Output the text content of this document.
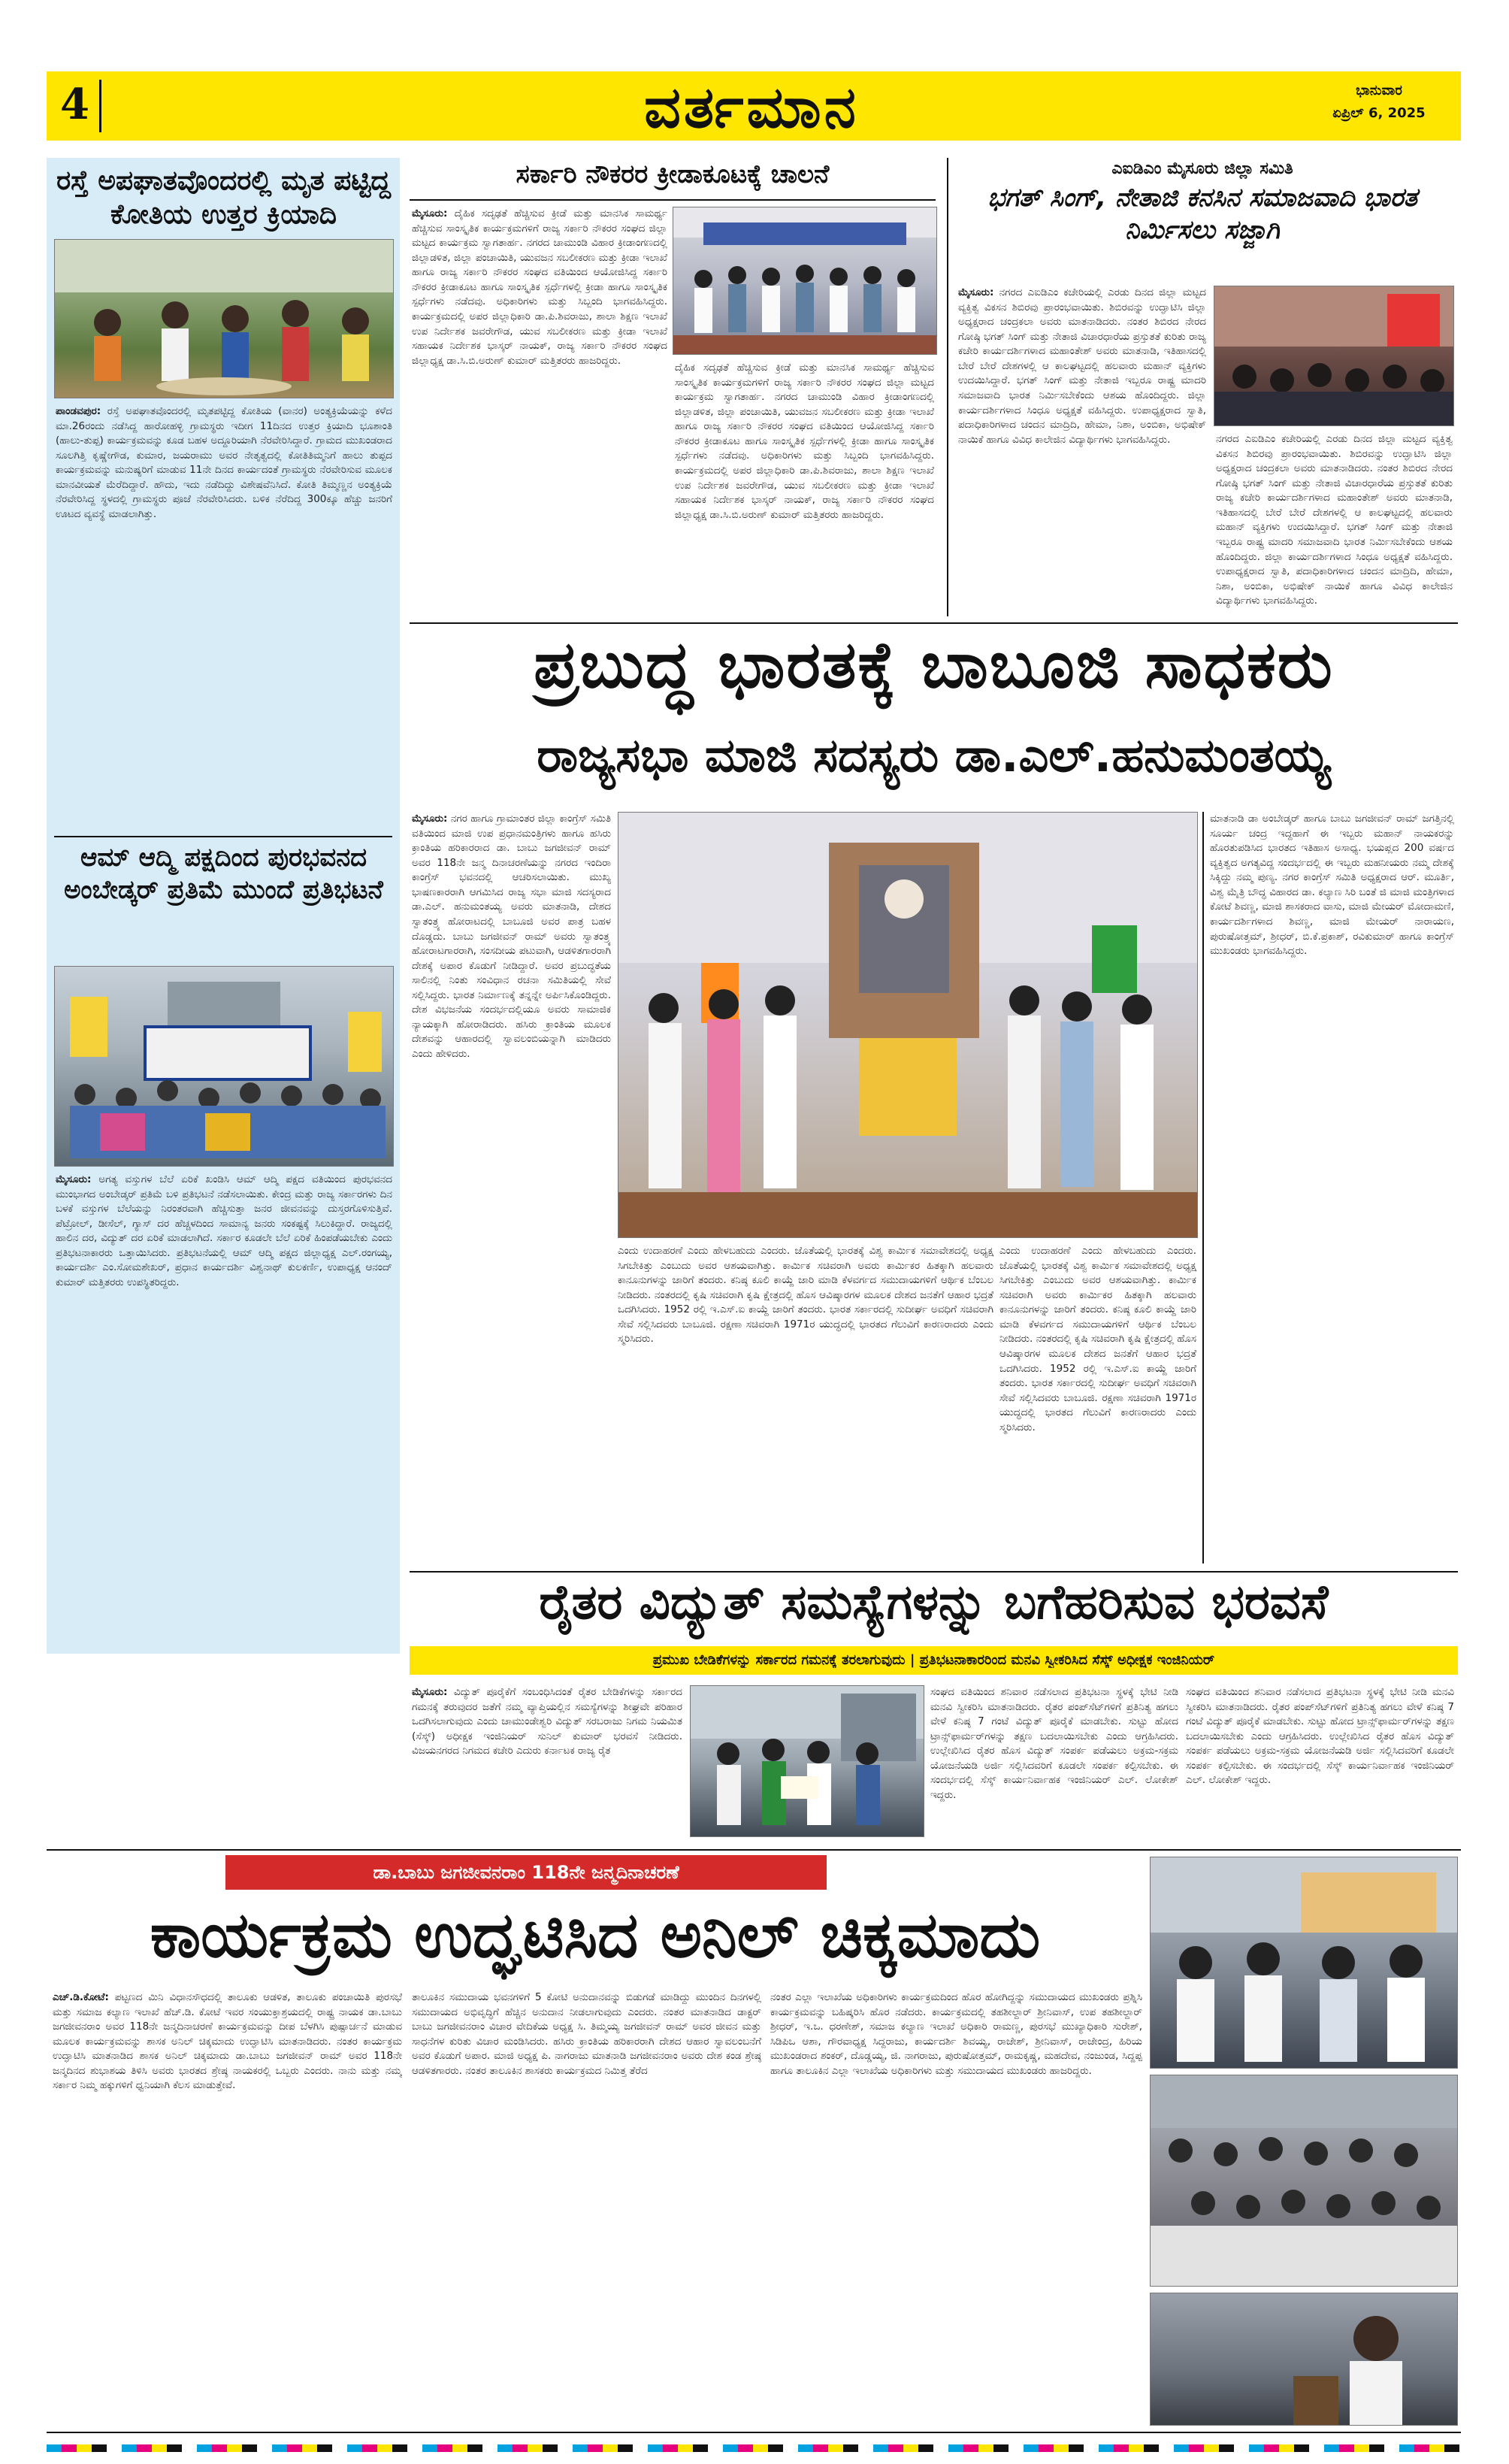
4	ವರ್ತಮಾನ	ಭಾನುವಾರ
ಏಪ್ರಿಲ್ 6, 2025
ರಸ್ತೆ ಅಪಘಾತವೊಂದರಲ್ಲಿ ಮೃತ ಪಟ್ಟಿದ್ದ ಕೋತಿಯ ಉತ್ತರ ಕ್ರಿಯಾದಿ
ಪಾಂಡವಪುರ: ರಸ್ತೆ ಅಪಘಾತವೊಂದರಲ್ಲಿ ಮೃತಪಟ್ಟಿದ್ದ ಕೋತಿಯ (ವಾನರ) ಅಂತ್ಯಕ್ರಿಯೆಯನ್ನು ಕಳೆದ ಮಾ.26ರಂದು ನಡೆಸಿದ್ದ ಹಾರೋಹಳ್ಳಿ ಗ್ರಾಮಸ್ಥರು ಇದೀಗ 11ದಿನದ ಉತ್ತರ ಕ್ರಿಯಾದಿ ಭೂಶಾಂತಿ (ಹಾಲು-ತುಪ್ಪ) ಕಾರ್ಯಕ್ರಮವನ್ನು ಕೂಡ ಬಹಳ ಅದ್ದೂರಿಯಾಗಿ ನೆರವೇರಿಸಿದ್ದಾರೆ. ಗ್ರಾಮದ ಮುಖಂಡರಾದ ಸೂಲಗಿತ್ತಿ ಕೃಷ್ಣೇಗೌಡ, ಕುಮಾರ, ಜಯರಾಮು ಅವರ ನೇತೃತ್ವದಲ್ಲಿ ಕೋತಿತಿಮ್ಮನಿಗೆ ಹಾಲು ತುಪ್ಪದ ಕಾರ್ಯಕ್ರಮವನ್ನು ಮನುಷ್ಯರಿಗೆ ಮಾಡುವ 11ನೇ ದಿನದ ಕಾರ್ಯದಂತೆ ಗ್ರಾಮಸ್ಥರು ನೆರವೇರಿಸುವ ಮೂಲಕ ಮಾನವೀಯತೆ ಮೆರೆದಿದ್ದಾರೆ. ಹೌದು, ಇದು ನಡೆದಿದ್ದು ವಿಶೇಷವೆನಿಸಿದೆ. ಕೋತಿ ತಿಮ್ಮಣ್ಣನ ಅಂತ್ಯಕ್ರಿಯೆ ನೆರವೇರಿಸಿದ್ದ ಸ್ಥಳದಲ್ಲಿ ಗ್ರಾಮಸ್ಥರು ಪೂಜೆ ನೆರವೇರಿಸಿದರು. ಬಳಿಕ ನೆರೆದಿದ್ದ 300ಕ್ಕೂ ಹೆಚ್ಚು ಜನರಿಗೆ ಊಟದ ವ್ಯವಸ್ಥೆ ಮಾಡಲಾಗಿತ್ತು.
ಆಮ್ ಆದ್ಮಿ ಪಕ್ಷದಿಂದ ಪುರಭವನದ ಅಂಬೇಡ್ಕರ್ ಪ್ರತಿಮೆ ಮುಂದೆ ಪ್ರತಿಭಟನೆ
ಮೈಸೂರು: ಅಗತ್ಯ ವಸ್ತುಗಳ ಬೆಲೆ ಏರಿಕೆ ಖಂಡಿಸಿ ಆಮ್ ಆದ್ಮಿ ಪಕ್ಷದ ವತಿಯಿಂದ ಪುರಭವನದ ಮುಂಭಾಗದ ಅಂಬೇಡ್ಕರ್ ಪ್ರತಿಮೆ ಬಳಿ ಪ್ರತಿಭಟನೆ ನಡೆಸಲಾಯಿತು. ಕೇಂದ್ರ ಮತ್ತು ರಾಜ್ಯ ಸರ್ಕಾರಗಳು ದಿನ ಬಳಕೆ ವಸ್ತುಗಳ ಬೆಲೆಯನ್ನು ನಿರಂತರವಾಗಿ ಹೆಚ್ಚಿಸುತ್ತಾ ಜನರ ಜೀವನವನ್ನು ದುಸ್ತರಗೊಳಿಸುತ್ತಿವೆ. ಪೆಟ್ರೋಲ್, ಡೀಸೆಲ್, ಗ್ಯಾಸ್ ದರ ಹೆಚ್ಚಳದಿಂದ ಸಾಮಾನ್ಯ ಜನರು ಸಂಕಷ್ಟಕ್ಕೆ ಸಿಲುಕಿದ್ದಾರೆ. ರಾಜ್ಯದಲ್ಲಿ ಹಾಲಿನ ದರ, ವಿದ್ಯುತ್ ದರ ಏರಿಕೆ ಮಾಡಲಾಗಿದೆ. ಸರ್ಕಾರ ಕೂಡಲೇ ಬೆಲೆ ಏರಿಕೆ ಹಿಂಪಡೆಯಬೇಕು ಎಂದು ಪ್ರತಿಭಟನಾಕಾರರು ಒತ್ತಾಯಿಸಿದರು. ಪ್ರತಿಭಟನೆಯಲ್ಲಿ ಆಮ್ ಆದ್ಮಿ ಪಕ್ಷದ ಜಿಲ್ಲಾಧ್ಯಕ್ಷ ಎಲ್.ರಂಗಯ್ಯ, ಕಾರ್ಯದರ್ಶಿ ಎಂ.ಸೋಮಶೇಖರ್, ಪ್ರಧಾನ ಕಾರ್ಯದರ್ಶಿ ವಿಶ್ವನಾಥ್ ಕುಲಕರ್ಣಿ, ಉಪಾಧ್ಯಕ್ಷ ಆನಂದ್ ಕುಮಾರ್ ಮತ್ತಿತರರು ಉಪಸ್ಥಿತರಿದ್ದರು.
ಸರ್ಕಾರಿ ನೌಕರರ ಕ್ರೀಡಾಕೂಟಕ್ಕೆ ಚಾಲನೆ
ಮೈಸೂರು: ದೈಹಿಕ ಸದೃಢತೆ ಹೆಚ್ಚಿಸುವ ಕ್ರೀಡೆ ಮತ್ತು ಮಾನಸಿಕ ಸಾಮರ್ಥ್ಯ ಹೆಚ್ಚಿಸುವ ಸಾಂಸ್ಕೃತಿಕ ಕಾರ್ಯಕ್ರಮಗಳಿಗೆ ರಾಜ್ಯ ಸರ್ಕಾರಿ ನೌಕರರ ಸಂಘದ ಜಿಲ್ಲಾ ಮಟ್ಟದ ಕಾರ್ಯಕ್ರಮ ಸ್ವಾಗತಾರ್ಹ. ನಗರದ ಚಾಮುಂಡಿ ವಿಹಾರ ಕ್ರೀಡಾಂಗಣದಲ್ಲಿ ಜಿಲ್ಲಾಡಳಿತ, ಜಿಲ್ಲಾ ಪಂಚಾಯಿತಿ, ಯುವಜನ ಸಬಲೀಕರಣ ಮತ್ತು ಕ್ರೀಡಾ ಇಲಾಖೆ ಹಾಗೂ ರಾಜ್ಯ ಸರ್ಕಾರಿ ನೌಕರರ ಸಂಘದ ವತಿಯಿಂದ ಆಯೋಜಿಸಿದ್ದ ಸರ್ಕಾರಿ ನೌಕರರ ಕ್ರೀಡಾಕೂಟ ಹಾಗೂ ಸಾಂಸ್ಕೃತಿಕ ಸ್ಪರ್ಧೆಗಳಲ್ಲಿ ಕ್ರೀಡಾ ಹಾಗೂ ಸಾಂಸ್ಕೃತಿಕ ಸ್ಪರ್ಧೆಗಳು ನಡೆದವು. ಅಧಿಕಾರಿಗಳು ಮತ್ತು ಸಿಬ್ಬಂದಿ ಭಾಗವಹಿಸಿದ್ದರು. ಕಾರ್ಯಕ್ರಮದಲ್ಲಿ ಅಪರ ಜಿಲ್ಲಾಧಿಕಾರಿ ಡಾ.ಪಿ.ಶಿವರಾಜು, ಶಾಲಾ ಶಿಕ್ಷಣ ಇಲಾಖೆ ಉಪ ನಿರ್ದೇಶಕ ಜವರೇಗೌಡ, ಯುವ ಸಬಲೀಕರಣ ಮತ್ತು ಕ್ರೀಡಾ ಇಲಾಖೆ ಸಹಾಯಕ ನಿರ್ದೇಶಕ ಭಾಸ್ಕರ್ ನಾಯಕ್, ರಾಜ್ಯ ಸರ್ಕಾರಿ ನೌಕರರ ಸಂಘದ ಜಿಲ್ಲಾಧ್ಯಕ್ಷ ಡಾ.ಸಿ.ಬಿ.ಅರುಣ್ ಕುಮಾರ್ ಮತ್ತಿತರರು ಹಾಜರಿದ್ದರು.
ದೈಹಿಕ ಸದೃಢತೆ ಹೆಚ್ಚಿಸುವ ಕ್ರೀಡೆ ಮತ್ತು ಮಾನಸಿಕ ಸಾಮರ್ಥ್ಯ ಹೆಚ್ಚಿಸುವ ಸಾಂಸ್ಕೃತಿಕ ಕಾರ್ಯಕ್ರಮಗಳಿಗೆ ರಾಜ್ಯ ಸರ್ಕಾರಿ ನೌಕರರ ಸಂಘದ ಜಿಲ್ಲಾ ಮಟ್ಟದ ಕಾರ್ಯಕ್ರಮ ಸ್ವಾಗತಾರ್ಹ. ನಗರದ ಚಾಮುಂಡಿ ವಿಹಾರ ಕ್ರೀಡಾಂಗಣದಲ್ಲಿ ಜಿಲ್ಲಾಡಳಿತ, ಜಿಲ್ಲಾ ಪಂಚಾಯಿತಿ, ಯುವಜನ ಸಬಲೀಕರಣ ಮತ್ತು ಕ್ರೀಡಾ ಇಲಾಖೆ ಹಾಗೂ ರಾಜ್ಯ ಸರ್ಕಾರಿ ನೌಕರರ ಸಂಘದ ವತಿಯಿಂದ ಆಯೋಜಿಸಿದ್ದ ಸರ್ಕಾರಿ ನೌಕರರ ಕ್ರೀಡಾಕೂಟ ಹಾಗೂ ಸಾಂಸ್ಕೃತಿಕ ಸ್ಪರ್ಧೆಗಳಲ್ಲಿ ಕ್ರೀಡಾ ಹಾಗೂ ಸಾಂಸ್ಕೃತಿಕ ಸ್ಪರ್ಧೆಗಳು ನಡೆದವು. ಅಧಿಕಾರಿಗಳು ಮತ್ತು ಸಿಬ್ಬಂದಿ ಭಾಗವಹಿಸಿದ್ದರು. ಕಾರ್ಯಕ್ರಮದಲ್ಲಿ ಅಪರ ಜಿಲ್ಲಾಧಿಕಾರಿ ಡಾ.ಪಿ.ಶಿವರಾಜು, ಶಾಲಾ ಶಿಕ್ಷಣ ಇಲಾಖೆ ಉಪ ನಿರ್ದೇಶಕ ಜವರೇಗೌಡ, ಯುವ ಸಬಲೀಕರಣ ಮತ್ತು ಕ್ರೀಡಾ ಇಲಾಖೆ ಸಹಾಯಕ ನಿರ್ದೇಶಕ ಭಾಸ್ಕರ್ ನಾಯಕ್, ರಾಜ್ಯ ಸರ್ಕಾರಿ ನೌಕರರ ಸಂಘದ ಜಿಲ್ಲಾಧ್ಯಕ್ಷ ಡಾ.ಸಿ.ಬಿ.ಅರುಣ್ ಕುಮಾರ್ ಮತ್ತಿತರರು ಹಾಜರಿದ್ದರು.
ಎಐಡಿಎಂ ಮೈಸೂರು ಜಿಲ್ಲಾ ಸಮಿತಿ
ಭಗತ್ ಸಿಂಗ್, ನೇತಾಜಿ ಕನಸಿನ ಸಮಾಜವಾದಿ ಭಾರತ ನಿರ್ಮಿಸಲು ಸಜ್ಜಾಗಿ
ಮೈಸೂರು: ನಗರದ ಎಐಡಿಎಂ ಕಚೇರಿಯಲ್ಲಿ ಎರಡು ದಿನದ ಜಿಲ್ಲಾ ಮಟ್ಟದ ವ್ಯಕ್ತಿತ್ವ ವಿಕಸನ ಶಿಬಿರವು ಪ್ರಾರಂಭವಾಯಿತು. ಶಿಬಿರವನ್ನು ಉದ್ಘಾಟಿಸಿ ಜಿಲ್ಲಾ ಅಧ್ಯಕ್ಷರಾದ ಚಂದ್ರಕಲಾ ಅವರು ಮಾತನಾಡಿದರು. ನಂತರ ಶಿಬಿರದ ನೇರದ ಗೋಷ್ಠಿ ಭಗತ್ ಸಿಂಗ್ ಮತ್ತು ನೇತಾಜಿ ವಿಚಾರಧಾರೆಯ ಪ್ರಸ್ತುತತೆ ಕುರಿತು ರಾಜ್ಯ ಕಚೇರಿ ಕಾರ್ಯದರ್ಶಿಗಳಾದ ಮಹಾಂತೇಶ್ ಅವರು ಮಾತನಾಡಿ, ಇತಿಹಾಸದಲ್ಲಿ ಬೇರೆ ಬೇರೆ ದೇಶಗಳಲ್ಲಿ ಆ ಕಾಲಘಟ್ಟದಲ್ಲಿ ಹಲವಾರು ಮಹಾನ್ ವ್ಯಕ್ತಿಗಳು ಉದಯಿಸಿದ್ದಾರೆ. ಭಗತ್ ಸಿಂಗ್ ಮತ್ತು ನೇತಾಜಿ ಇಬ್ಬರೂ ರಾಷ್ಟ್ರ ಮಾದರಿ ಸಮಾಜವಾದಿ ಭಾರತ ನಿರ್ಮಿಸಬೇಕೆಂದು ಆಶಯ ಹೊಂದಿದ್ದರು. ಜಿಲ್ಲಾ ಕಾರ್ಯದರ್ಶಿಗಳಾದ ಸಿಂಧೂ ಅಧ್ಯಕ್ಷತೆ ವಹಿಸಿದ್ದರು. ಉಪಾಧ್ಯಕ್ಷರಾದ ಸ್ವಾತಿ, ಪದಾಧಿಕಾರಿಗಳಾದ ಚಂದನ ಮಾದ್ರಿದಿ, ಹೇಮಾ, ನಿಶಾ, ಅಂಬಿಕಾ, ಅಭಿಷೇಕ್ ನಾಯಿಕೆ ಹಾಗೂ ವಿವಿಧ ಕಾಲೇಜಿನ ವಿದ್ಯಾರ್ಥಿಗಳು ಭಾಗವಹಿಸಿದ್ದರು.	ನಗರದ ಎಐಡಿಎಂ ಕಚೇರಿಯಲ್ಲಿ ಎರಡು ದಿನದ ಜಿಲ್ಲಾ ಮಟ್ಟದ ವ್ಯಕ್ತಿತ್ವ ವಿಕಸನ ಶಿಬಿರವು ಪ್ರಾರಂಭವಾಯಿತು. ಶಿಬಿರವನ್ನು ಉದ್ಘಾಟಿಸಿ ಜಿಲ್ಲಾ ಅಧ್ಯಕ್ಷರಾದ ಚಂದ್ರಕಲಾ ಅವರು ಮಾತನಾಡಿದರು. ನಂತರ ಶಿಬಿರದ ನೇರದ ಗೋಷ್ಠಿ ಭಗತ್ ಸಿಂಗ್ ಮತ್ತು ನೇತಾಜಿ ವಿಚಾರಧಾರೆಯ ಪ್ರಸ್ತುತತೆ ಕುರಿತು ರಾಜ್ಯ ಕಚೇರಿ ಕಾರ್ಯದರ್ಶಿಗಳಾದ ಮಹಾಂತೇಶ್ ಅವರು ಮಾತನಾಡಿ, ಇತಿಹಾಸದಲ್ಲಿ ಬೇರೆ ಬೇರೆ ದೇಶಗಳಲ್ಲಿ ಆ ಕಾಲಘಟ್ಟದಲ್ಲಿ ಹಲವಾರು ಮಹಾನ್ ವ್ಯಕ್ತಿಗಳು ಉದಯಿಸಿದ್ದಾರೆ. ಭಗತ್ ಸಿಂಗ್ ಮತ್ತು ನೇತಾಜಿ ಇಬ್ಬರೂ ರಾಷ್ಟ್ರ ಮಾದರಿ ಸಮಾಜವಾದಿ ಭಾರತ ನಿರ್ಮಿಸಬೇಕೆಂದು ಆಶಯ ಹೊಂದಿದ್ದರು. ಜಿಲ್ಲಾ ಕಾರ್ಯದರ್ಶಿಗಳಾದ ಸಿಂಧೂ ಅಧ್ಯಕ್ಷತೆ ವಹಿಸಿದ್ದರು. ಉಪಾಧ್ಯಕ್ಷರಾದ ಸ್ವಾತಿ, ಪದಾಧಿಕಾರಿಗಳಾದ ಚಂದನ ಮಾದ್ರಿದಿ, ಹೇಮಾ, ನಿಶಾ, ಅಂಬಿಕಾ, ಅಭಿಷೇಕ್ ನಾಯಿಕೆ ಹಾಗೂ ವಿವಿಧ ಕಾಲೇಜಿನ ವಿದ್ಯಾರ್ಥಿಗಳು ಭಾಗವಹಿಸಿದ್ದರು.
ಪ್ರಬುದ್ಧ ಭಾರತಕ್ಕೆ ಬಾಬೂಜಿ ಸಾಧಕರು
ರಾಜ್ಯಸಭಾ ಮಾಜಿ ಸದಸ್ಯರು ಡಾ.ಎಲ್.ಹನುಮಂತಯ್ಯ
ಮೈಸೂರು: ನಗರ ಹಾಗೂ ಗ್ರಾಮಾಂತರ ಜಿಲ್ಲಾ ಕಾಂಗ್ರೆಸ್ ಸಮಿತಿ ವತಿಯಿಂದ ಮಾಜಿ ಉಪ ಪ್ರಧಾನಮಂತ್ರಿಗಳು ಹಾಗೂ ಹಸಿರು ಕ್ರಾಂತಿಯ ಹರಿಕಾರರಾದ ಡಾ. ಬಾಬು ಜಗಜೀವನ್ ರಾಮ್ ಅವರ 118ನೇ ಜನ್ಮ ದಿನಾಚರಣೆಯನ್ನು ನಗರದ ಇಂದಿರಾ ಕಾಂಗ್ರೆಸ್ ಭವನದಲ್ಲಿ ಆಚರಿಸಲಾಯಿತು. ಮುಖ್ಯ ಭಾಷಣಕಾರರಾಗಿ ಆಗಮಿಸಿದ ರಾಜ್ಯ ಸಭಾ ಮಾಜಿ ಸದಸ್ಯರಾದ ಡಾ.ಎಲ್. ಹನುಮಂತಯ್ಯ ಅವರು ಮಾತನಾಡಿ, ದೇಶದ ಸ್ವಾತಂತ್ರ್ಯ ಹೋರಾಟದಲ್ಲಿ ಬಾಬೂಜಿ ಅವರ ಪಾತ್ರ ಬಹಳ ದೊಡ್ಡದು. ಬಾಬು ಜಗಜೀವನ್ ರಾಮ್ ಅವರು ಸ್ವಾತಂತ್ರ್ಯ ಹೋರಾಟಗಾರರಾಗಿ, ಸಂಸದೀಯ ಪಟುವಾಗಿ, ಆಡಳಿತಗಾರರಾಗಿ ದೇಶಕ್ಕೆ ಅಪಾರ ಕೊಡುಗೆ ನೀಡಿದ್ದಾರೆ. ಅವರ ಪ್ರಬುದ್ಧತೆಯ ಸಾಲಿನಲ್ಲಿ ನಿಂತು ಸಂವಿಧಾನ ರಚನಾ ಸಮಿತಿಯಲ್ಲಿ ಸೇವೆ ಸಲ್ಲಿಸಿದ್ದರು. ಭಾರತ ನಿರ್ಮಾಣಕ್ಕೆ ತನ್ನನ್ನೇ ಅರ್ಪಿಸಿಕೊಂಡಿದ್ದರು. ದೇಶ ವಿಭಜನೆಯ ಸಂದರ್ಭದಲ್ಲಿಯೂ ಅವರು ಸಾಮಾಜಿಕ ನ್ಯಾಯಕ್ಕಾಗಿ ಹೋರಾಡಿದರು. ಹಸಿರು ಕ್ರಾಂತಿಯ ಮೂಲಕ ದೇಶವನ್ನು ಆಹಾರದಲ್ಲಿ ಸ್ವಾವಲಂಬಿಯನ್ನಾಗಿ ಮಾಡಿದರು ಎಂದು ಹೇಳಿದರು.
ಎಂದು ಉದಾಹರಣೆ ಎಂದು ಹೇಳಬಹುದು ಎಂದರು. ಜೊತೆಯಲ್ಲಿ ಭಾರತಕ್ಕೆ ವಿಶ್ವ ಕಾರ್ಮಿಕ ಸಮಾವೇಶದಲ್ಲಿ ಅಧ್ಯಕ್ಷ ಸಿಗಬೇಕಿತ್ತು ಎಂಬುದು ಅವರ ಆಶಯವಾಗಿತ್ತು. ಕಾರ್ಮಿಕ ಸಚಿವರಾಗಿ ಅವರು ಕಾರ್ಮಿಕರ ಹಿತಕ್ಕಾಗಿ ಹಲವಾರು ಕಾನೂನುಗಳನ್ನು ಜಾರಿಗೆ ತಂದರು. ಕನಿಷ್ಠ ಕೂಲಿ ಕಾಯ್ದೆ ಜಾರಿ ಮಾಡಿ ಕೆಳವರ್ಗದ ಸಮುದಾಯಗಳಿಗೆ ಆರ್ಥಿಕ ಬೆಂಬಲ ನೀಡಿದರು. ನಂತರದಲ್ಲಿ ಕೃಷಿ ಸಚಿವರಾಗಿ ಕೃಷಿ ಕ್ಷೇತ್ರದಲ್ಲಿ ಹೊಸ ಆವಿಷ್ಕಾರಗಳ ಮೂಲಕ ದೇಶದ ಜನತೆಗೆ ಆಹಾರ ಭದ್ರತೆ ಒದಗಿಸಿದರು. 1952 ರಲ್ಲಿ ಇ.ಎಸ್.ಐ ಕಾಯ್ದೆ ಜಾರಿಗೆ ತಂದರು. ಭಾರತ ಸರ್ಕಾರದಲ್ಲಿ ಸುದೀರ್ಘ ಅವಧಿಗೆ ಸಚಿವರಾಗಿ ಸೇವೆ ಸಲ್ಲಿಸಿದವರು ಬಾಬೂಜಿ. ರಕ್ಷಣಾ ಸಚಿವರಾಗಿ 1971ರ ಯುದ್ಧದಲ್ಲಿ ಭಾರತದ ಗೆಲುವಿಗೆ ಕಾರಣರಾದರು ಎಂದು ಸ್ಮರಿಸಿದರು.
ಎಂದು ಉದಾಹರಣೆ ಎಂದು ಹೇಳಬಹುದು ಎಂದರು. ಜೊತೆಯಲ್ಲಿ ಭಾರತಕ್ಕೆ ವಿಶ್ವ ಕಾರ್ಮಿಕ ಸಮಾವೇಶದಲ್ಲಿ ಅಧ್ಯಕ್ಷ ಸಿಗಬೇಕಿತ್ತು ಎಂಬುದು ಅವರ ಆಶಯವಾಗಿತ್ತು. ಕಾರ್ಮಿಕ ಸಚಿವರಾಗಿ ಅವರು ಕಾರ್ಮಿಕರ ಹಿತಕ್ಕಾಗಿ ಹಲವಾರು ಕಾನೂನುಗಳನ್ನು ಜಾರಿಗೆ ತಂದರು. ಕನಿಷ್ಠ ಕೂಲಿ ಕಾಯ್ದೆ ಜಾರಿ ಮಾಡಿ ಕೆಳವರ್ಗದ ಸಮುದಾಯಗಳಿಗೆ ಆರ್ಥಿಕ ಬೆಂಬಲ ನೀಡಿದರು. ನಂತರದಲ್ಲಿ ಕೃಷಿ ಸಚಿವರಾಗಿ ಕೃಷಿ ಕ್ಷೇತ್ರದಲ್ಲಿ ಹೊಸ ಆವಿಷ್ಕಾರಗಳ ಮೂಲಕ ದೇಶದ ಜನತೆಗೆ ಆಹಾರ ಭದ್ರತೆ ಒದಗಿಸಿದರು. 1952 ರಲ್ಲಿ ಇ.ಎಸ್.ಐ ಕಾಯ್ದೆ ಜಾರಿಗೆ ತಂದರು. ಭಾರತ ಸರ್ಕಾರದಲ್ಲಿ ಸುದೀರ್ಘ ಅವಧಿಗೆ ಸಚಿವರಾಗಿ ಸೇವೆ ಸಲ್ಲಿಸಿದವರು ಬಾಬೂಜಿ. ರಕ್ಷಣಾ ಸಚಿವರಾಗಿ 1971ರ ಯುದ್ಧದಲ್ಲಿ ಭಾರತದ ಗೆಲುವಿಗೆ ಕಾರಣರಾದರು ಎಂದು ಸ್ಮರಿಸಿದರು.
ಮಾತನಾಡಿ ಡಾ ಅಂಬೇಡ್ಕರ್ ಹಾಗೂ ಬಾಬು ಜಗಜೀವನ್ ರಾಮ್ ಜಗತ್ತಿನಲ್ಲಿ ಸೂರ್ಯ ಚಂದ್ರ ಇದ್ದಹಾಗೆ ಈ ಇಬ್ಬರು ಮಹಾನ್ ನಾಯಕರನ್ನು ಹೊರತುಪಡಿಸಿದ ಭಾರತದ ಇತಿಹಾಸ ಅಸಾಧ್ಯ. ಭಯಪ್ಲದ 200 ವರ್ಷದ ವ್ಯಕ್ತಿತ್ವದ ಅಗತ್ಯವಿದ್ದ ಸಂದರ್ಭದಲ್ಲಿ ಈ ಇಬ್ಬರು ಮಹನೀಯರು ನಮ್ಮ ದೇಶಕ್ಕೆ ಸಿಕ್ಕಿದ್ದು ನಮ್ಮ ಪುಣ್ಯ. ನಗರ ಕಾಂಗ್ರೆಸ್ ಸಮಿತಿ ಅಧ್ಯಕ್ಷರಾದ ಆರ್. ಮೂರ್ತಿ, ವಿಶ್ವ ಮೈತ್ರಿ ಬೌದ್ಧ ವಿಹಾರದ ಡಾ. ಕಲ್ಯಾಣ ಸಿರಿ ಬಂತೆ ಜಿ ಮಾಜಿ ಮಂತ್ರಿಗಳಾದ ಕೋಟೆ ಶಿವಣ್ಣ, ಮಾಜಿ ಶಾಸಕರಾದ ವಾಸು, ಮಾಜಿ ಮೇಯರ್ ಮೋದಾಮಣಿ, ಕಾರ್ಯದರ್ಶಿಗಳಾದ ಶಿವಣ್ಣ, ಮಾಜಿ ಮೇಯರ್ ನಾರಾಯಣ, ಪುರುಷೋತ್ತಮ್, ಶ್ರೀಧರ್, ಬಿ.ಕೆ.ಪ್ರಕಾಶ್, ರವಿಕುಮಾರ್ ಹಾಗೂ ಕಾಂಗ್ರೆಸ್ ಮುಖಂಡರು ಭಾಗವಹಿಸಿದ್ದರು.
ರೈತರ ವಿದ್ಯುತ್ ಸಮಸ್ಯೆಗಳನ್ನು ಬಗೆಹರಿಸುವ ಭರವಸೆ
ಪ್ರಮುಖ ಬೇಡಿಕೆಗಳನ್ನು ಸರ್ಕಾರದ ಗಮನಕ್ಕೆ ತರಲಾಗುವುದು | ಪ್ರತಿಭಟನಾಕಾರರಿಂದ ಮನವಿ ಸ್ವೀಕರಿಸಿದ ಸೆಸ್ಕ್ ಅಧೀಕ್ಷಕ ಇಂಜಿನಿಯರ್
ಮೈಸೂರು: ವಿದ್ಯುತ್ ಪೂರೈಕೆಗೆ ಸಂಬಂಧಿಸಿದಂತೆ ರೈತರ ಬೇಡಿಕೆಗಳನ್ನು ಸರ್ಕಾರದ ಗಮನಕ್ಕೆ ತರುವುದರ ಜತೆಗೆ ನಮ್ಮ ವ್ಯಾಪ್ತಿಯಲ್ಲಿನ ಸಮಸ್ಯೆಗಳನ್ನು ಶೀಘ್ರವೇ ಪರಿಹಾರ ಒದಗಿಸಲಾಗುವುದು ಎಂದು ಚಾಮುಂಡೇಶ್ವರಿ ವಿದ್ಯುತ್ ಸರಬರಾಜು ನಿಗಮ ನಿಯಮಿತ (ಸೆಸ್ಕ್) ಅಧೀಕ್ಷಕ ಇಂಜಿನಿಯರ್ ಸುನಿಲ್ ಕುಮಾರ್ ಭರವಸೆ ನೀಡಿದರು. ವಿಜಯನಗರದ ನಿಗಮದ ಕಚೇರಿ ಎದುರು ಕರ್ನಾಟಕ ರಾಜ್ಯ ರೈತ
ಸಂಘದ ವತಿಯಿಂದ ಶನಿವಾರ ನಡೆಸಲಾದ ಪ್ರತಿಭಟನಾ ಸ್ಥಳಕ್ಕೆ ಭೇಟಿ ನೀಡಿ ಮನವಿ ಸ್ವೀಕರಿಸಿ ಮಾತನಾಡಿದರು. ರೈತರ ಪಂಪ್‌ಸೆಟ್‌ಗಳಿಗೆ ಪ್ರತಿನಿತ್ಯ ಹಗಲು ವೇಳೆ ಕನಿಷ್ಠ 7 ಗಂಟೆ ವಿದ್ಯುತ್ ಪೂರೈಕೆ ಮಾಡಬೇಕು. ಸುಟ್ಟು ಹೋದ ಟ್ರಾನ್ಸ್‌ಫಾರ್ಮರ್‌ಗಳನ್ನು ತಕ್ಷಣ ಬದಲಾಯಿಸಬೇಕು ಎಂದು ಆಗ್ರಹಿಸಿದರು. ಉಲ್ಲೇಖಿಸಿದ ರೈತರ ಹೊಸ ವಿದ್ಯುತ್ ಸಂಪರ್ಕ ಪಡೆಯಲು ಅಕ್ರಮ-ಸಕ್ರಮ ಯೋಜನೆಯಡಿ ಅರ್ಜಿ ಸಲ್ಲಿಸಿದವರಿಗೆ ಕೂಡಲೇ ಸಂಪರ್ಕ ಕಲ್ಪಿಸಬೇಕು. ಈ ಸಂದರ್ಭದಲ್ಲಿ ಸೆಸ್ಕ್ ಕಾರ್ಯನಿರ್ವಾಹಕ ಇಂಜಿನಿಯರ್ ಎಲ್. ಲೋಕೇಶ್ ಇದ್ದರು.
ಸಂಘದ ವತಿಯಿಂದ ಶನಿವಾರ ನಡೆಸಲಾದ ಪ್ರತಿಭಟನಾ ಸ್ಥಳಕ್ಕೆ ಭೇಟಿ ನೀಡಿ ಮನವಿ ಸ್ವೀಕರಿಸಿ ಮಾತನಾಡಿದರು. ರೈತರ ಪಂಪ್‌ಸೆಟ್‌ಗಳಿಗೆ ಪ್ರತಿನಿತ್ಯ ಹಗಲು ವೇಳೆ ಕನಿಷ್ಠ 7 ಗಂಟೆ ವಿದ್ಯುತ್ ಪೂರೈಕೆ ಮಾಡಬೇಕು. ಸುಟ್ಟು ಹೋದ ಟ್ರಾನ್ಸ್‌ಫಾರ್ಮರ್‌ಗಳನ್ನು ತಕ್ಷಣ ಬದಲಾಯಿಸಬೇಕು ಎಂದು ಆಗ್ರಹಿಸಿದರು. ಉಲ್ಲೇಖಿಸಿದ ರೈತರ ಹೊಸ ವಿದ್ಯುತ್ ಸಂಪರ್ಕ ಪಡೆಯಲು ಅಕ್ರಮ-ಸಕ್ರಮ ಯೋಜನೆಯಡಿ ಅರ್ಜಿ ಸಲ್ಲಿಸಿದವರಿಗೆ ಕೂಡಲೇ ಸಂಪರ್ಕ ಕಲ್ಪಿಸಬೇಕು. ಈ ಸಂದರ್ಭದಲ್ಲಿ ಸೆಸ್ಕ್ ಕಾರ್ಯನಿರ್ವಾಹಕ ಇಂಜಿನಿಯರ್ ಎಲ್. ಲೋಕೇಶ್ ಇದ್ದರು.
ಡಾ.ಬಾಬು ಜಗಜೀವನರಾಂ 118ನೇ ಜನ್ಮದಿನಾಚರಣೆ
ಕಾರ್ಯಕ್ರಮ ಉದ್ಘಟಿಸಿದ ಅನಿಲ್ ಚಿಕ್ಕಮಾದು
ಎಚ್.ಡಿ.ಕೋಟೆ: ಪಟ್ಟಣದ ಮಿನಿ ವಿಧಾನಸೌಧದಲ್ಲಿ ತಾಲೂಕು ಆಡಳಿತ, ತಾಲೂಕು ಪಂಚಾಯಿತಿ ಪುರಸಭೆ ಮತ್ತು ಸಮಾಜ ಕಲ್ಯಾಣ ಇಲಾಖೆ ಹೆಚ್.ಡಿ. ಕೋಟೆ ಇವರ ಸಂಯುಕ್ತಾಶ್ರಯದಲ್ಲಿ ರಾಷ್ಟ್ರ ನಾಯಕ ಡಾ.ಬಾಬು ಜಗಜೀವನರಾಂ ಅವರ 118ನೇ ಜನ್ಮದಿನಾಚರಣೆ ಕಾರ್ಯಕ್ರಮವನ್ನು ದೀಪ ಬೆಳಗಿಸಿ ಪುಷ್ಪಾರ್ಚನೆ ಮಾಡುವ ಮೂಲಕ ಕಾರ್ಯಕ್ರಮವನ್ನು ಶಾಸಕ ಅನಿಲ್ ಚಿಕ್ಕಮಾದು ಉದ್ಘಾಟಿಸಿ ಮಾತನಾಡಿದರು. ನಂತರ ಕಾರ್ಯಕ್ರಮ ಉದ್ಘಾಟಿಸಿ ಮಾತನಾಡಿದ ಶಾಸಕ ಅನಿಲ್ ಚಿಕ್ಕಮಾದು ಡಾ.ಬಾಬು ಜಗಜೀವನ್ ರಾಮ್ ಅವರ 118ನೇ ಜನ್ಮದಿನದ ಶುಭಾಶಯ ತಿಳಿಸಿ ಅವರು ಭಾರತದ ಶ್ರೇಷ್ಠ ನಾಯಕರಲ್ಲಿ ಒಬ್ಬರು ಎಂದರು. ನಾನು ಮತ್ತು ನಮ್ಮ ಸರ್ಕಾರ ನಿಮ್ಮ ಹಕ್ಕುಗಳಿಗೆ ಧ್ವನಿಯಾಗಿ ಕೆಲಸ ಮಾಡುತ್ತೇವೆ.
ತಾಲೂಕಿನ ಸಮುದಾಯ ಭವನಗಳಿಗೆ 5 ಕೋಟಿ ಅನುದಾನವನ್ನು ಬಿಡುಗಡೆ ಮಾಡಿದ್ದು ಮುಂದಿನ ದಿನಗಳಲ್ಲಿ ಸಮುದಾಯದ ಅಭಿವೃದ್ಧಿಗೆ ಹೆಚ್ಚಿನ ಅನುದಾನ ನೀಡಲಾಗುವುದು ಎಂದರು. ನಂತರ ಮಾತನಾಡಿದ ಡಾಕ್ಟರ್ ಬಾಬು ಜಗಜೀವನರಾಂ ವಿಚಾರ ವೇದಿಕೆಯ ಅಧ್ಯಕ್ಷ ಸಿ. ತಿಮ್ಮಯ್ಯ ಜಗಜೀವನ್ ರಾಮ್ ಅವರ ಜೀವನ ಮತ್ತು ಸಾಧನೆಗಳ ಕುರಿತು ವಿಚಾರ ಮಂಡಿಸಿದರು. ಹಸಿರು ಕ್ರಾಂತಿಯ ಹರಿಕಾರರಾಗಿ ದೇಶದ ಆಹಾರ ಸ್ವಾವಲಂಬನೆಗೆ ಅವರ ಕೊಡುಗೆ ಅಪಾರ. ಮಾಜಿ ಅಧ್ಯಕ್ಷ ಪಿ. ನಾಗರಾಜು ಮಾತನಾಡಿ ಜಗಜೀವನರಾಂ ಅವರು ದೇಶ ಕಂಡ ಶ್ರೇಷ್ಠ ಆಡಳಿತಗಾರರು. ನಂತರ ತಾಲೂಕಿನ ಶಾಸಕರು ಕಾರ್ಯಕ್ರಮದ ನಿಮಿತ್ತ ತೆರೆದ
ನಂತರ ಎಲ್ಲಾ ಇಲಾಖೆಯ ಅಧಿಕಾರಿಗಳು ಕಾರ್ಯಕ್ರಮದಿಂದ ಹೊರ ಹೋಗಿದ್ದನ್ನು ಸಮುದಾಯದ ಮುಖಂಡರು ಪ್ರಶ್ನಿಸಿ ಕಾರ್ಯಕ್ರಮವನ್ನು ಬಹಿಷ್ಕರಿಸಿ ಹೊರ ನಡೆದರು. ಕಾರ್ಯಕ್ರಮದಲ್ಲಿ ತಹಶೀಲ್ದಾರ್ ಶ್ರೀನಿವಾಸ್, ಉಪ ತಹಶೀಲ್ದಾರ್ ಶ್ರೀಧರ್, ಇ.ಒ. ಧರಣೇಶ್, ಸಮಾಜ ಕಲ್ಯಾಣ ಇಲಾಖೆ ಅಧಿಕಾರಿ ರಾಮಣ್ಣ, ಪುರಸಭೆ ಮುಖ್ಯಾಧಿಕಾರಿ ಸುರೇಶ್, ಸಿಡಿಪಿಒ ಆಶಾ, ಗೌರವಾಧ್ಯಕ್ಷ ಸಿದ್ದರಾಜು, ಕಾರ್ಯದರ್ಶಿ ಶಿವಯ್ಯ, ರಾಜೇಶ್, ಶ್ರೀನಿವಾಸ್, ರಾಜೇಂದ್ರ, ಹಿರಿಯ ಮುಖಂಡರಾದ ಶಂಕರ್, ದೊಡ್ಡಯ್ಯ, ಜಿ. ನಾಗರಾಜು, ಪುರುಷೋತ್ತಮ್, ರಾಮಕೃಷ್ಣ, ಮಹದೇವ, ನಂಜುಂಡ, ಸಿದ್ದಪ್ಪ ಹಾಗೂ ತಾಲೂಕಿನ ಎಲ್ಲಾ ಇಲಾಖೆಯ ಅಧಿಕಾರಿಗಳು ಮತ್ತು ಸಮುದಾಯದ ಮುಖಂಡರು ಹಾಜರಿದ್ದರು.
